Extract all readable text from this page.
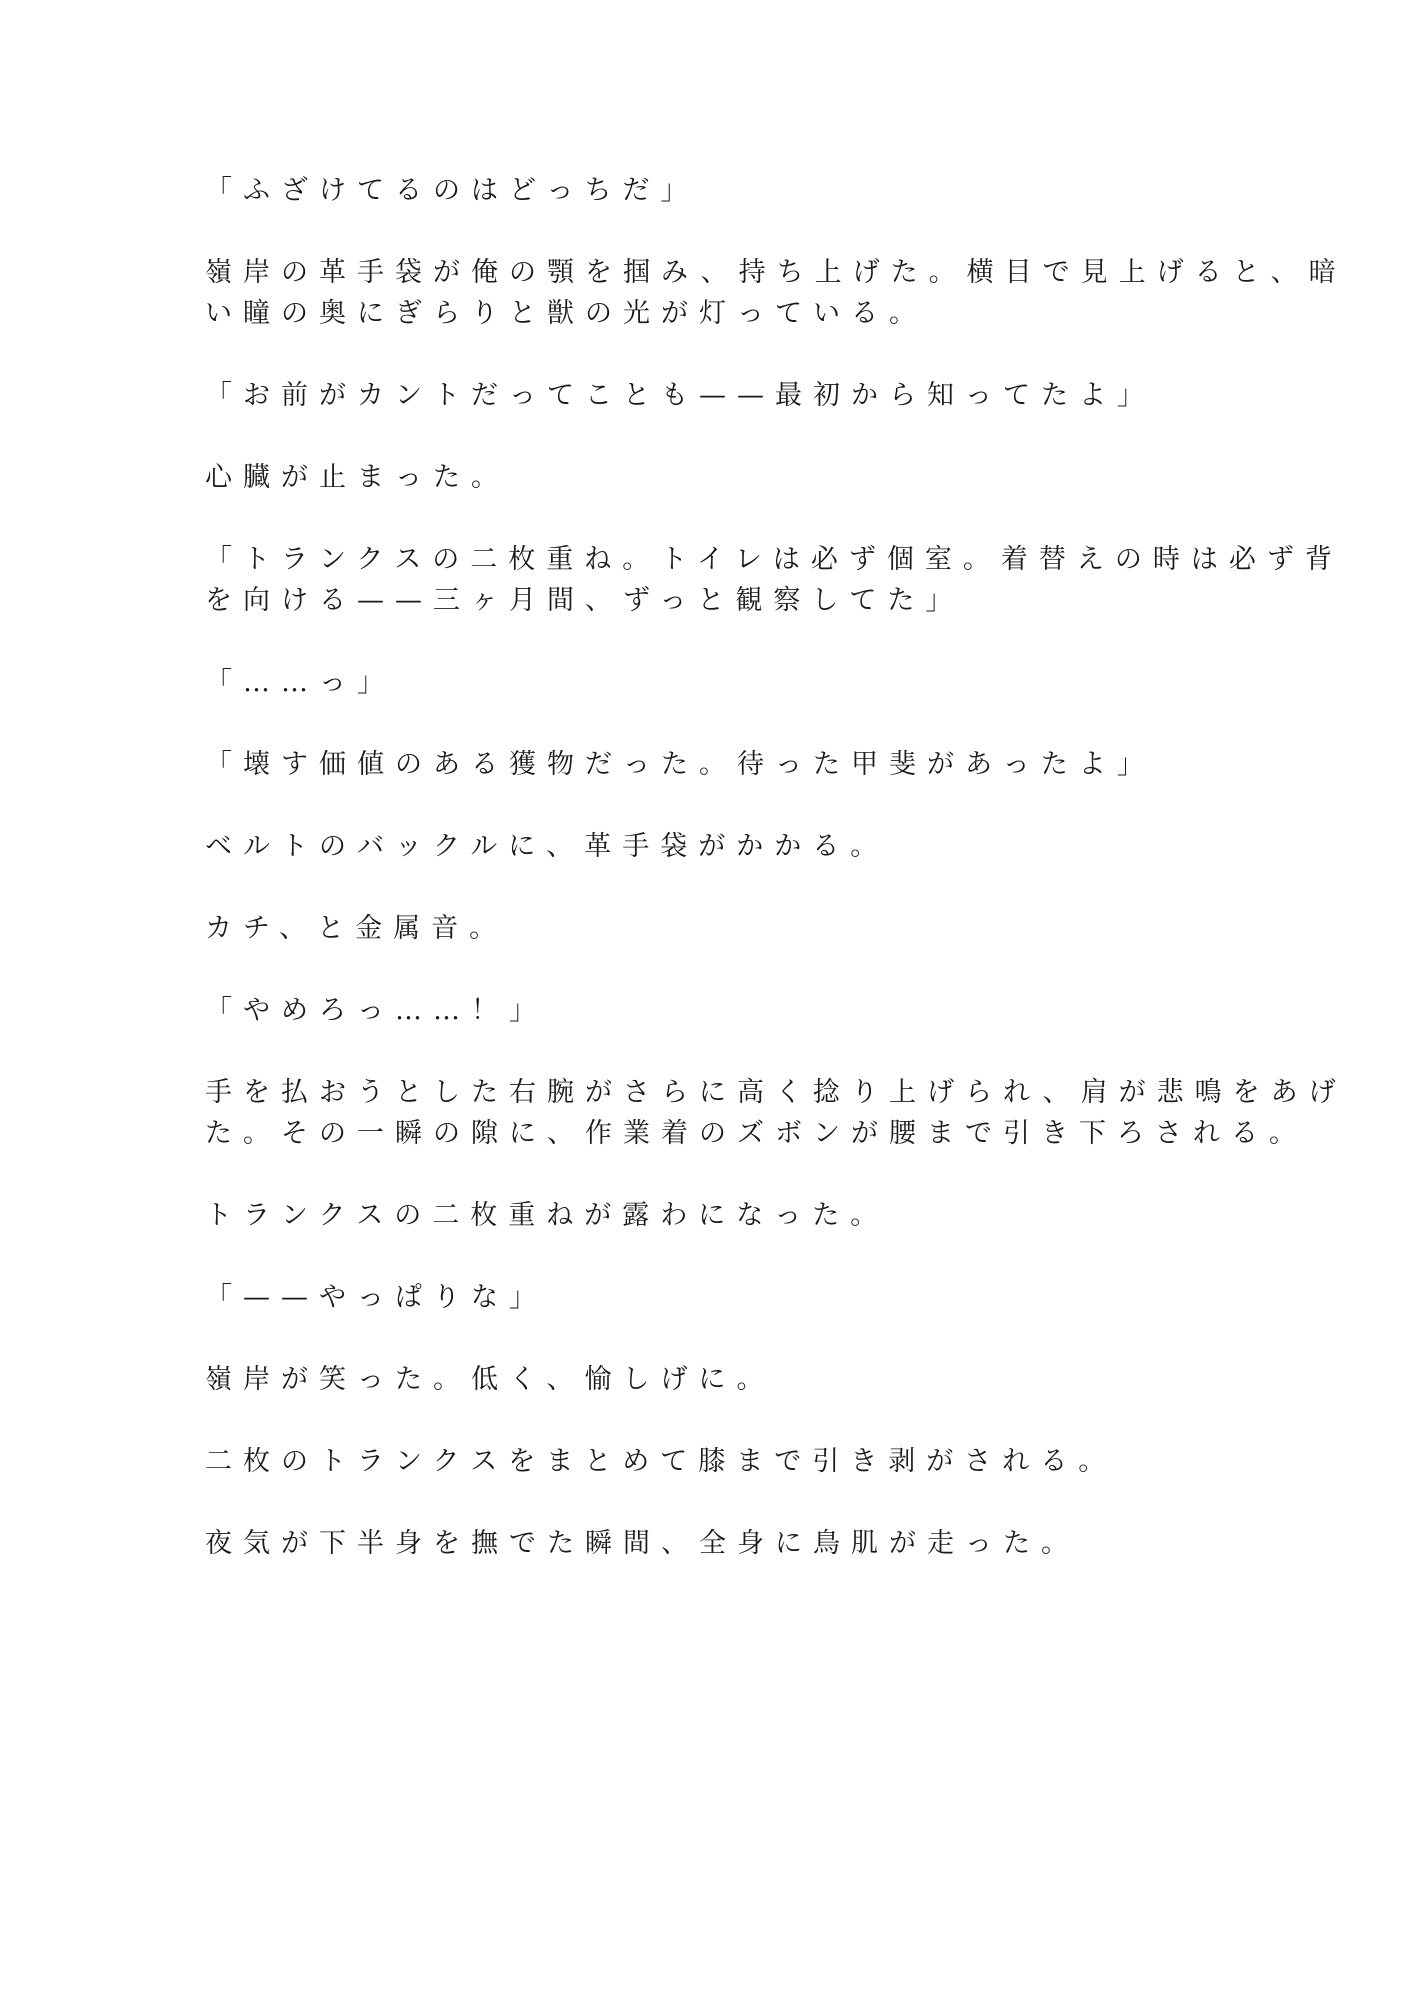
「ふざけてるのはどっちだ」

嶺岸の革手袋が俺の顎を掴み、持ち上げた。横目で見上げると、暗
い瞳の奥にぎらりと獣の光が灯っている。

「お前がカントだってことも——最初から知ってたよ」

心臓が止まった。

「トランクスの二枚重ね。トイレは必ず個室。着替えの時は必ず背
を向ける——三ヶ月間、ずっと観察してた」

「……っ」

「壊す価値のある獲物だった。待った甲斐があったよ」

ベルトのバックルに、革手袋がかかる。

カチ、と金属音。

「やめろっ……！」

手を払おうとした右腕がさらに高く捻り上げられ、肩が悲鳴をあげ
た。その一瞬の隙に、作業着のズボンが腰まで引き下ろされる。

トランクスの二枚重ねが露わになった。

「——やっぱりな」

嶺岸が笑った。低く、愉しげに。

二枚のトランクスをまとめて膝まで引き剥がされる。

夜気が下半身を撫でた瞬間、全身に鳥肌が走った。
